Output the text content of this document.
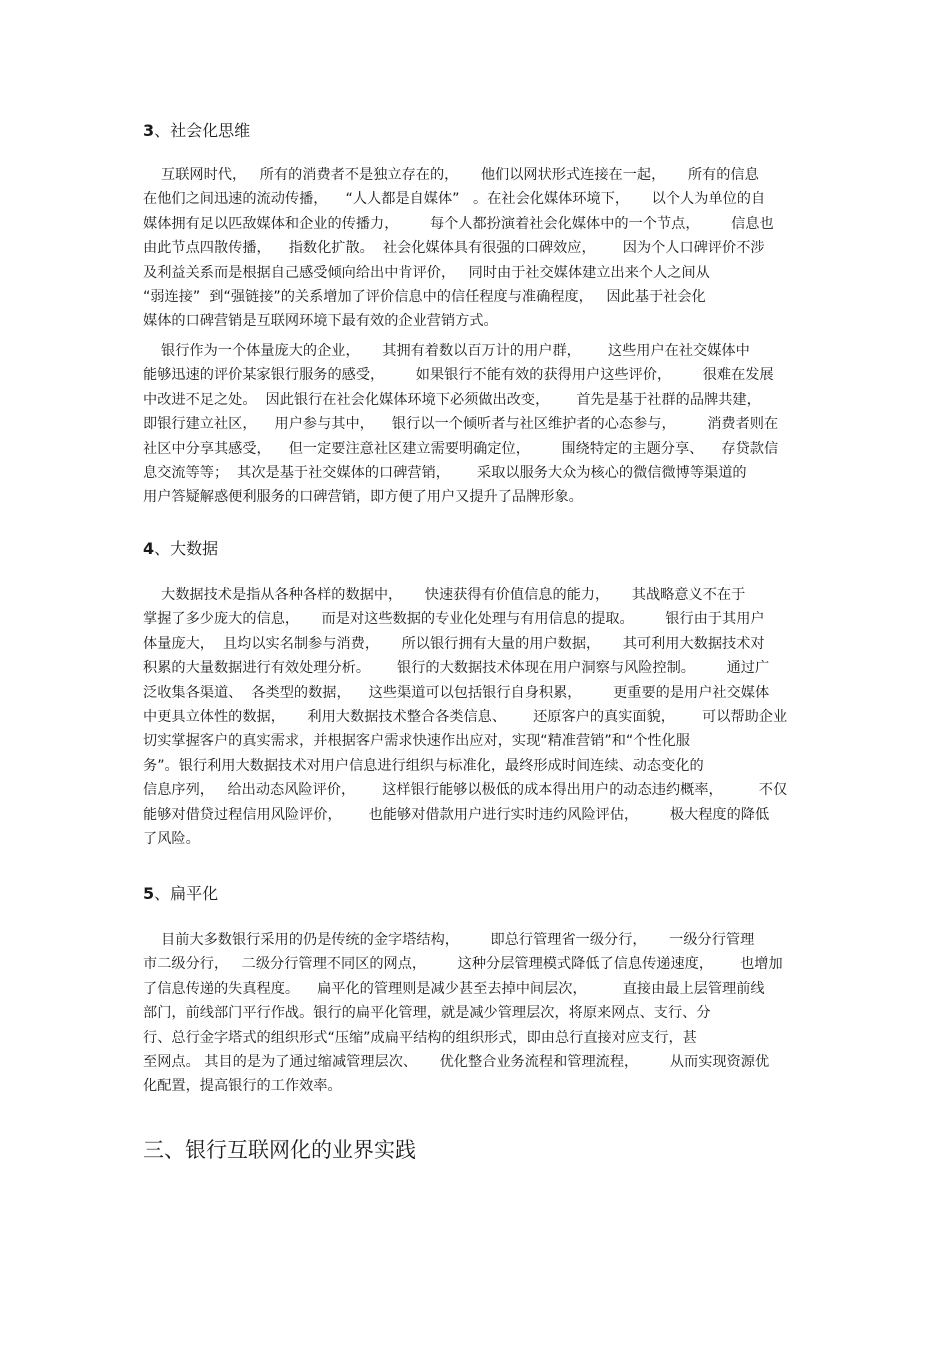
3、社会化思维
互联网时代，   所有的消费者不是独立存在的，     他们以网状形式连接在一起，     所有的信息
在他们之间迅速的流动传播，    “人人都是自媒体”   。在社会化媒体环境下，     以个人为单位的自
媒体拥有足以匹敌媒体和企业的传播力，       每个人都扮演着社会化媒体中的一个节点，       信息也
由此节点四散传播，    指数化扩散。  社会化媒体具有很强的口碑效应，      因为个人口碑评价不涉
及利益关系而是根据自己感受倾向给出中肯评价，   同时由于社交媒体建立出来个人之间从
“弱连接”  到“强链接”的关系增加了评价信息中的信任程度与准确程度，   因此基于社会化
媒体的口碑营销是互联网环境下最有效的企业营销方式。
银行作为一个体量庞大的企业，     其拥有着数以百万计的用户群，      这些用户在社交媒体中
能够迅速的评价某家银行服务的感受，       如果银行不能有效的获得用户这些评价，       很难在发展
中改进不足之处。  因此银行在社会化媒体环境下必须做出改变，      首先是基于社群的品牌共建，
即银行建立社区，    用户参与其中，    银行以一个倾听者与社区维护者的心态参与，       消费者则在
社区中分享其感受，    但一定要注意社区建立需要明确定位，       围绕特定的主题分享、    存贷款信
息交流等等；  其次是基于社交媒体的口碑营销，      采取以服务大众为核心的微信微博等渠道的
用户答疑解惑便利服务的口碑营销，即方便了用户又提升了品牌形象。
4、大数据
大数据技术是指从各种各样的数据中，     快速获得有价值信息的能力，     其战略意义不在于
掌握了多少庞大的信息，     而是对这些数据的专业化处理与有用信息的提取。       银行由于其用户
体量庞大，  且均以实名制参与消费，     所以银行拥有大量的用户数据，     其可利用大数据技术对
积累的大量数据进行有效处理分析。      银行的大数据技术体现在用户洞察与风险控制。       通过广
泛收集各渠道、  各类型的数据，    这些渠道可以包括银行自身积累，       更重要的是用户社交媒体
中更具立体性的数据，     利用大数据技术整合各类信息、      还原客户的真实面貌，      可以帮助企业
切实掌握客户的真实需求，并根据客户需求快速作出应对，实现“精准营销”和“个性化服
务”。银行利用大数据技术对用户信息进行组织与标准化，最终形成时间连续、动态变化的
信息序列，   给出动态风险评价，      这样银行能够以极低的成本得出用户的动态违约概率，        不仅
能够对借贷过程信用风险评价，      也能够对借款用户进行实时违约风险评估，       极大程度的降低
了风险。
5、扁平化
目前大多数银行采用的仍是传统的金字塔结构，       即总行管理省一级分行，     一级分行管理
市二级分行，   二级分行管理不同区的网点，       这种分层管理模式降低了信息传递速度，      也增加
了信息传递的失真程度。    扁平化的管理则是减少甚至去掉中间层次，        直接由最上层管理前线
部门，前线部门平行作战。银行的扁平化管理，就是减少管理层次，将原来网点、支行、分
行、总行金字塔式的组织形式“压缩”成扁平结构的组织形式，即由总行直接对应支行，甚
至网点。 其目的是为了通过缩减管理层次、     优化整合业务流程和管理流程，       从而实现资源优
化配置，提高银行的工作效率。
三、银行互联网化的业界实践
